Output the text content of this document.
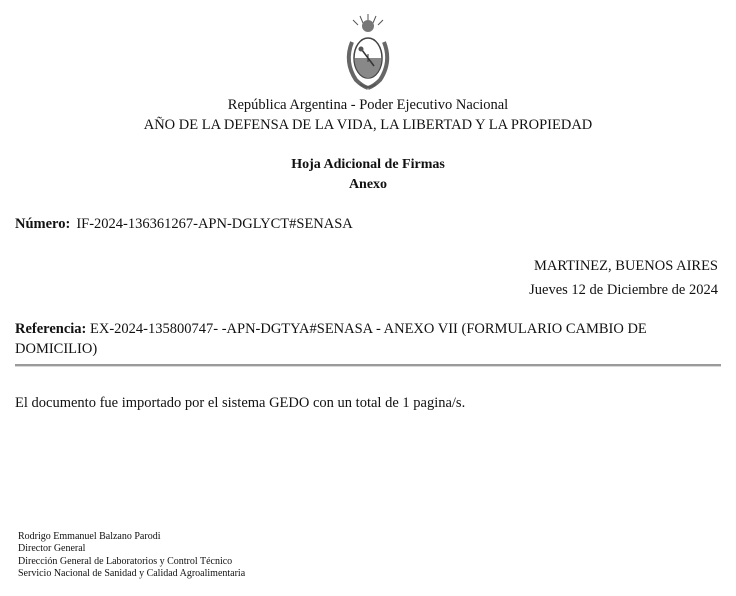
República Argentina - Poder Ejecutivo Nacional
AÑO DE LA DEFENSA DE LA VIDA, LA LIBERTAD Y LA PROPIEDAD
Hoja Adicional de Firmas
Anexo
Número: IF-2024-136361267-APN-DGLYCT#SENASA
MARTINEZ, BUENOS AIRES
Jueves 12 de Diciembre de 2024
Referencia: EX-2024-135800747- -APN-DGTYA#SENASA - ANEXO VII (FORMULARIO CAMBIO DE DOMICILIO)
El documento fue importado por el sistema GEDO con un total de 1 pagina/s.
Rodrigo Emmanuel Balzano Parodi
Director General
Dirección General de Laboratorios y Control Técnico
Servicio Nacional de Sanidad y Calidad Agroalimentaria
